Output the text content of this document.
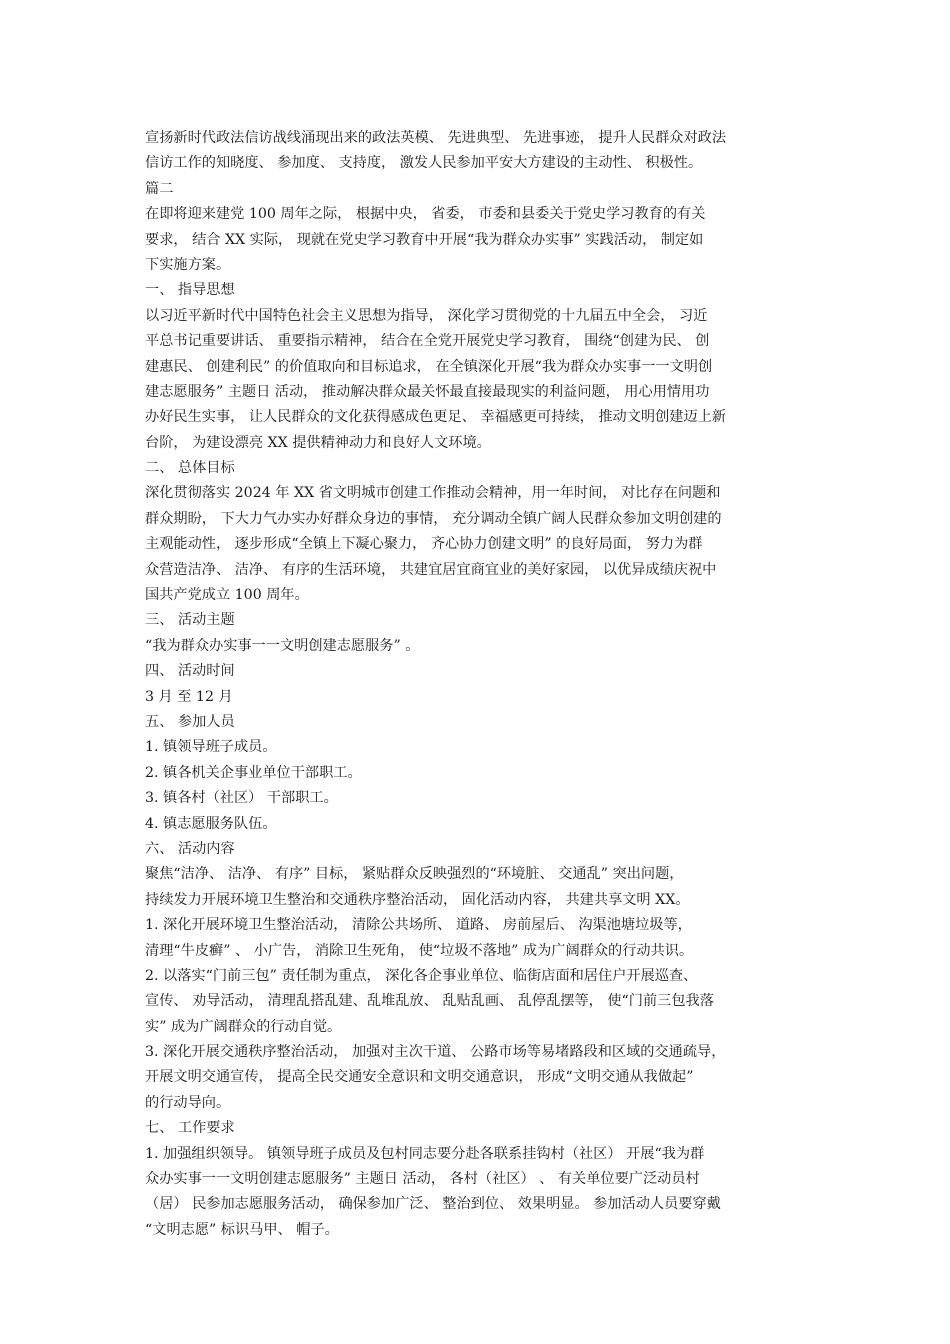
宣扬新时代政法信访战线涌现出来的政法英模、 先进典型、 先进事迹， 提升人民群众对政法
信访工作的知晓度、 参加度、 支持度， 激发人民参加平安大方建设的主动性、 积极性。
篇二
在即将迎来建党 100 周年之际， 根据中央， 省委， 市委和县委关于党史学习教育的有关
要求， 结合 XX 实际， 现就在党史学习教育中开展“我为群众办实事” 实践活动， 制定如
下实施方案。
一、 指导思想
以习近平新时代中国特色社会主义思想为指导， 深化学习贯彻党的十九届五中全会， 习近
平总书记重要讲话、 重要指示精神， 结合在全党开展党史学习教育， 围绕“创建为民、 创
建惠民、 创建利民” 的价值取向和目标追求， 在全镇深化开展“我为群众办实事一一文明创
建志愿服务” 主题日 活动， 推动解决群众最关怀最直接最现实的利益问题， 用心用情用功
办好民生实事， 让人民群众的文化获得感成色更足、 幸福感更可持续， 推动文明创建迈上新
台阶， 为建设漂亮 XX 提供精神动力和良好人文环境。
二、 总体目标
深化贯彻落实 2024 年 XX 省文明城市创建工作推动会精神，用一年时间， 对比存在问题和
群众期盼， 下大力气办实办好群众身边的事情， 充分调动全镇广阔人民群众参加文明创建的
主观能动性， 逐步形成“全镇上下凝心聚力， 齐心协力创建文明” 的良好局面， 努力为群
众营造洁净、 洁净、 有序的生活环境， 共建宜居宜商宜业的美好家园， 以优异成绩庆祝中
国共产党成立 100 周年。
三、 活动主题
“我为群众办实事一一文明创建志愿服务” 。
四、 活动时间
3 月 至 12 月
五、 参加人员
1. 镇领导班子成员。
2. 镇各机关企事业单位干部职工。
3. 镇各村（社区） 干部职工。
4. 镇志愿服务队伍。
六、 活动内容
聚焦“洁净、 洁净、 有序” 目标， 紧贴群众反映强烈的“环境脏、 交通乱” 突出问题，
持续发力开展环境卫生整治和交通秩序整治活动， 固化活动内容， 共建共享文明 XX。
1. 深化开展环境卫生整治活动， 清除公共场所、 道路、 房前屋后、 沟渠池塘垃圾等，
清理“牛皮癣” 、 小广告， 消除卫生死角， 使“垃圾不落地” 成为广阔群众的行动共识。
2. 以落实“门前三包” 责任制为重点， 深化各企事业单位、临街店面和居住户开展巡查、
宣传、 劝导活动， 清理乱搭乱建、乱堆乱放、 乱贴乱画、 乱停乱摆等， 使“门前三包我落
实” 成为广阔群众的行动自觉。
3. 深化开展交通秩序整治活动， 加强对主次干道、 公路市场等易堵路段和区域的交通疏导，
开展文明交通宣传， 提高全民交通安全意识和文明交通意识， 形成“文明交通从我做起”
的行动导向。
七、 工作要求
1. 加强组织领导。 镇领导班子成员及包村同志要分赴各联系挂钩村（社区） 开展“我为群
众办实事一一文明创建志愿服务” 主题日 活动， 各村（社区） 、 有关单位要广泛动员村
（居） 民参加志愿服务活动， 确保参加广泛、 整治到位、 效果明显。 参加活动人员要穿戴
“文明志愿” 标识马甲、 帽子。
